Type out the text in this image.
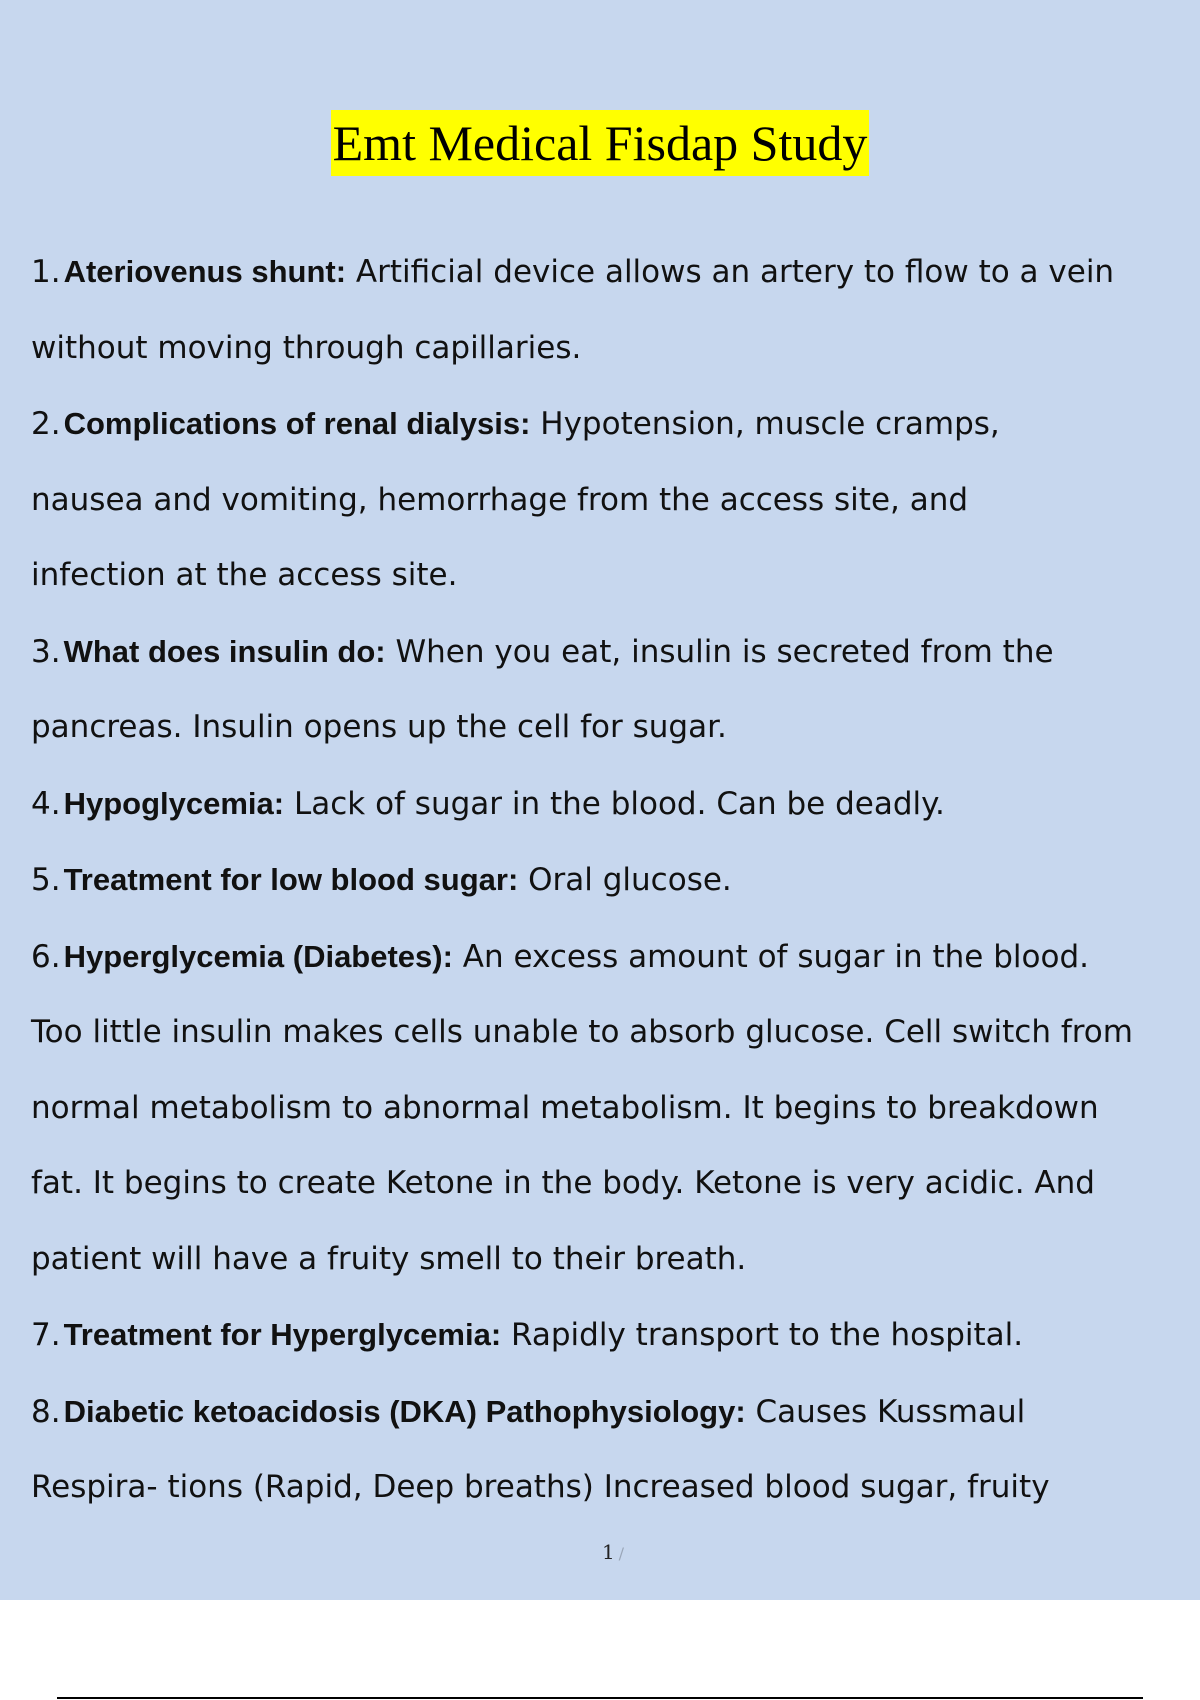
Emt Medical Fisdap Study
1.Ateriovenus shunt: Artificial device allows an artery to flow to a vein
without moving through capillaries.
2.Complications of renal dialysis: Hypotension, muscle cramps,
nausea and vomiting, hemorrhage from the access site, and
infection at the access site.
3.What does insulin do: When you eat, insulin is secreted from the
pancreas. Insulin opens up the cell for sugar.
4.Hypoglycemia: Lack of sugar in the blood. Can be deadly.
5.Treatment for low blood sugar: Oral glucose.
6.Hyperglycemia (Diabetes): An excess amount of sugar in the blood.
Too little insulin makes cells unable to absorb glucose. Cell switch from
normal metabolism to abnormal metabolism. It begins to breakdown
fat. It begins to create Ketone in the body. Ketone is very acidic. And
patient will have a fruity smell to their breath.
7.Treatment for Hyperglycemia: Rapidly transport to the hospital.
8.Diabetic ketoacidosis (DKA) Pathophysiology: Causes Kussmaul
Respira- tions (Rapid, Deep breaths) Increased blood sugar, fruity
1 /
